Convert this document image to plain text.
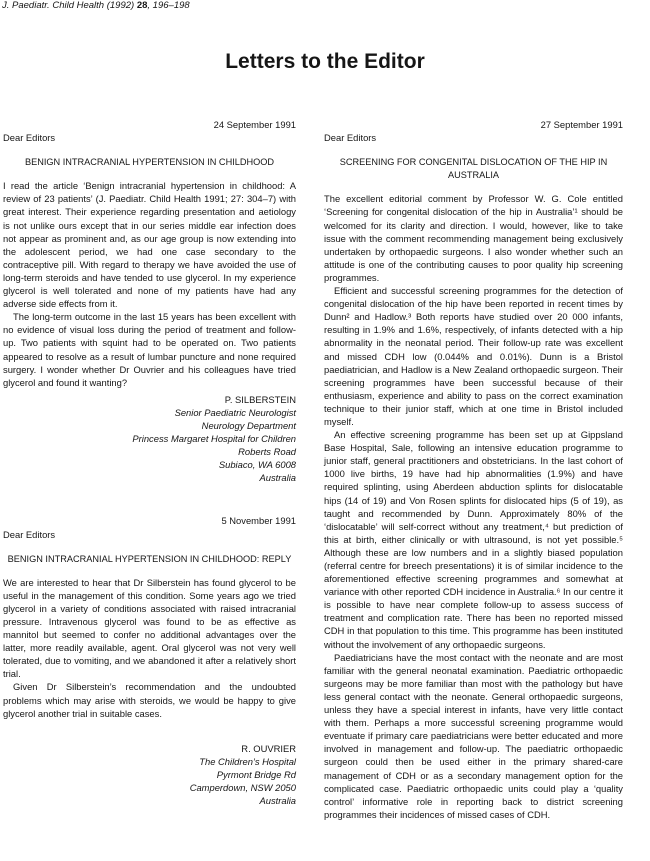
J. Paediatr. Child Health (1992) 28, 196–198
Letters to the Editor
24 September 1991
Dear Editors
BENIGN INTRACRANIAL HYPERTENSION IN CHILDHOOD

I read the article ‘Benign intracranial hypertension in childhood: A review of 23 patients’ (J. Paediatr. Child Health 1991; 27: 304–7) with great interest. Their experience regarding presentation and aetiology is not unlike ours except that in our series middle ear infection does not appear as prominent and, as our age group is now extending into the adolescent period, we had one case secondary to the contraceptive pill. With regard to therapy we have avoided the use of long-term steroids and have tended to use glycerol. In my experience glycerol is well tolerated and none of my patients have had any adverse side effects from it.

The long-term outcome in the last 15 years has been excellent with no evidence of visual loss during the period of treatment and follow-up. Two patients with squint had to be operated on. Two patients appeared to resolve as a result of lumbar puncture and none required surgery. I wonder whether Dr Ouvrier and his colleagues have tried glycerol and found it wanting?

P. SILBERSTEIN
Senior Paediatric Neurologist
Neurology Department
Princess Margaret Hospital for Children
Roberts Road
Subiaco, WA 6008
Australia
5 November 1991
Dear Editors
BENIGN INTRACRANIAL HYPERTENSION IN CHILDHOOD: REPLY

We are interested to hear that Dr Silberstein has found glycerol to be useful in the management of this condition. Some years ago we tried glycerol in a variety of conditions associated with raised intracranial pressure. Intravenous glycerol was found to be as effective as mannitol but seemed to confer no additional advantages over the latter, more readily available, agent. Oral glycerol was not very well tolerated, due to vomiting, and we abandoned it after a relatively short trial.

Given Dr Silberstein’s recommendation and the undoubted problems which may arise with steroids, we would be happy to give glycerol another trial in suitable cases.

R. OUVRIER
The Children’s Hospital
Pyrmont Bridge Rd
Camperdown, NSW 2050
Australia
27 September 1991
Dear Editors
SCREENING FOR CONGENITAL DISLOCATION OF THE HIP IN AUSTRALIA

The excellent editorial comment by Professor W. G. Cole entitled ‘Screening for congenital dislocation of the hip in Australia’¹ should be welcomed for its clarity and direction. I would, however, like to take issue with the comment recommending management being exclusively undertaken by orthopaedic surgeons. I also wonder whether such an attitude is one of the contributing causes to poor quality hip screening programmes.

Efficient and successful screening programmes for the detection of congenital dislocation of the hip have been reported in recent times by Dunn² and Hadlow.³ Both reports have studied over 20 000 infants, resulting in 1.9% and 1.6%, respectively, of infants detected with a hip abnormality in the neonatal period. Their follow-up rate was excellent and missed CDH low (0.044% and 0.01%). Dunn is a Bristol paediatrician, and Hadlow is a New Zealand orthopaedic surgeon. Their screening programmes have been successful because of their enthusiasm, experience and ability to pass on the correct examination technique to their junior staff, which at one time in Bristol included myself.

An effective screening programme has been set up at Gippsland Base Hospital, Sale, following an intensive education programme to junior staff, general practitioners and obstetricians. In the last cohort of 1000 live births, 19 have had hip abnormalities (1.9%) and have required splinting, using Aberdeen abduction splints for dislocatable hips (14 of 19) and Von Rosen splints for dislocated hips (5 of 19), as taught and recommended by Dunn. Approximately 80% of the ‘dislocatable’ will self-correct without any treatment,⁴ but prediction of this at birth, either clinically or with ultrasound, is not yet possible.⁵ Although these are low numbers and in a slightly biased population (referral centre for breech presentations) it is of similar incidence to the aforementioned effective screening programmes and somewhat at variance with other reported CDH incidence in Australia.⁶ In our centre it is possible to have near complete follow-up to assess success of treatment and complication rate. There has been no reported missed CDH in that population to this time. This programme has been instituted without the involvement of any orthopaedic surgeons.

Paediatricians have the most contact with the neonate and are most familiar with the general neonatal examination. Paediatric orthopaedic surgeons may be more familiar than most with the pathology but have less general contact with the neonate. General orthopaedic surgeons, unless they have a special interest in infants, have very little contact with them. Perhaps a more successful screening programme would eventuate if primary care paediatricians were better educated and more involved in management and follow-up. The paediatric orthopaedic surgeon could then be used either in the primary shared-care management of CDH or as a secondary management option for the complicated case. Paediatric orthopaedic units could play a ‘quality control’ informative role in reporting back to district screening programmes their incidences of missed cases of CDH.
